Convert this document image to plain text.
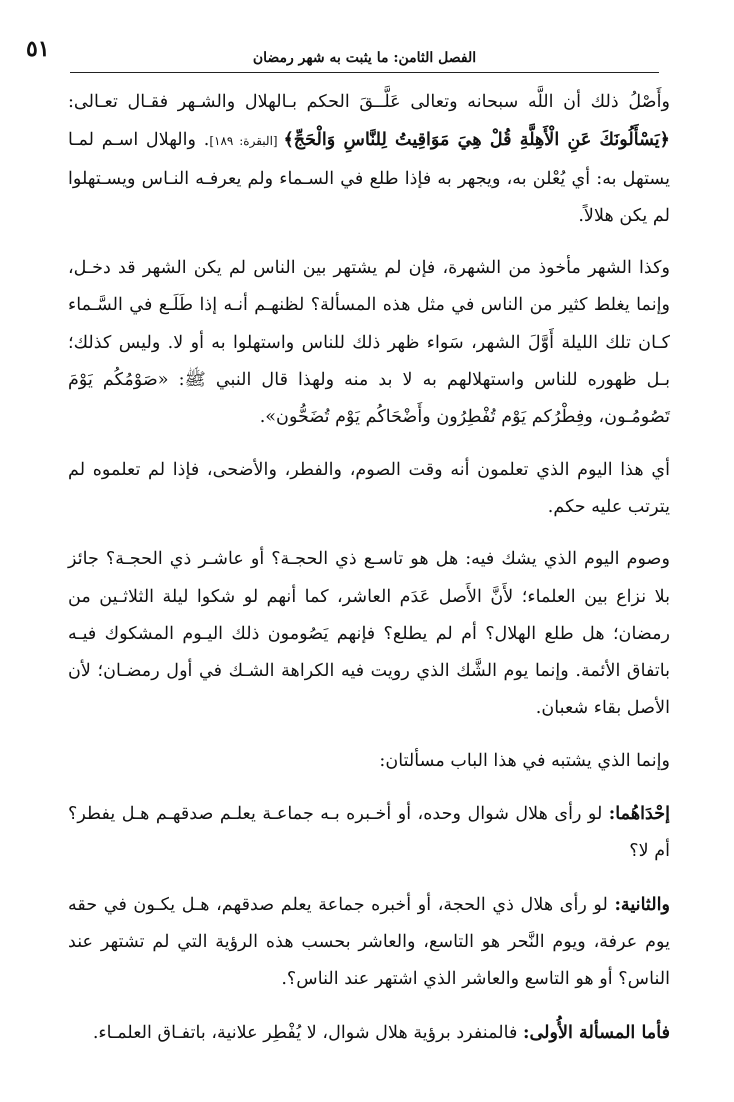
٥١	الفصل الثامن: ما يثبت به شهر رمضان

وأَصْلُ ذلك أن اللَّه سبحانه وتعالى عَلَّــقَ الحكم بـالهلال والشـهر فقـال تعـالى: ﴿يَسْأَلُونَكَ عَنِ الْأَهِلَّةِ قُلْ هِيَ مَوَاقِيتُ لِلنَّاسِ وَالْحَجِّ﴾ [البقرة: ١٨٩]. والهلال اسـم لمـا يستهل به: أي يُعْلن به، ويجهر به فإذا طلع في السـماء ولم يعرفـه النـاس ويسـتهلوا لم يكن هلالاً.

وكذا الشهر مأخوذ من الشهرة، فإن لم يشتهر بين الناس لم يكن الشهر قد دخـل، وإنما يغلط كثير من الناس في مثل هذه المسألة؟ لظنهـم أنـه إذا طَلَـع في السَّـماء كـان تلك الليلة أَوَّلَ الشهر، سَواء ظهر ذلك للناس واستهلوا به أو لا. وليس كذلك؛ بـل ظهوره للناس واستهلالهم به لا بد منه ولهذا قال النبي ﷺ: «صَوْمُكُم يَوْمَ تَصُومُـون، وفِطْرُكم يَوْم تُفْطِرُون وأَضْحَاكُم يَوْم تُضَحُّون».

أي هذا اليوم الذي تعلمون أنه وقت الصوم، والفطر، والأضحى، فإذا لم تعلموه لم يترتب عليه حكم.

وصوم اليوم الذي يشك فيه: هل هو تاسـع ذي الحجـة؟ أو عاشـر ذي الحجـة؟ جائز بلا نزاع بين العلماء؛ لأَنَّ الأَصل عَدَم العاشر، كما أنهم لو شكوا ليلة الثلاثـين من رمضان؛ هل طلع الهلال؟ أم لم يطلع؟ فإنهم يَصُومون ذلك اليـوم المشكوك فيـه باتفاق الأئمة. وإنما يوم الشَّك الذي رويت فيه الكراهة الشـك في أول رمضـان؛ لأن الأصل بقاء شعبان.

وإنما الذي يشتبه في هذا الباب مسألتان:

إحْدَاهُما: لو رأى هلال شوال وحده، أو أخـبره بـه جماعـة يعلـم صدقهـم هـل يفطر؟ أم لا؟

والثانية: لو رأى هلال ذي الحجة، أو أخبره جماعة يعلم صدقهم، هـل يكـون في حقه يوم عرفة، ويوم النَّحر هو التاسع، والعاشر بحسب هذه الرؤية التي لم تشتهر عند الناس؟ أو هو التاسع والعاشر الذي اشتهر عند الناس؟.

فأما المسألة الأُولى: فالمنفرد برؤية هلال شوال، لا يُفْطِر علانية، باتفـاق العلمـاء.
